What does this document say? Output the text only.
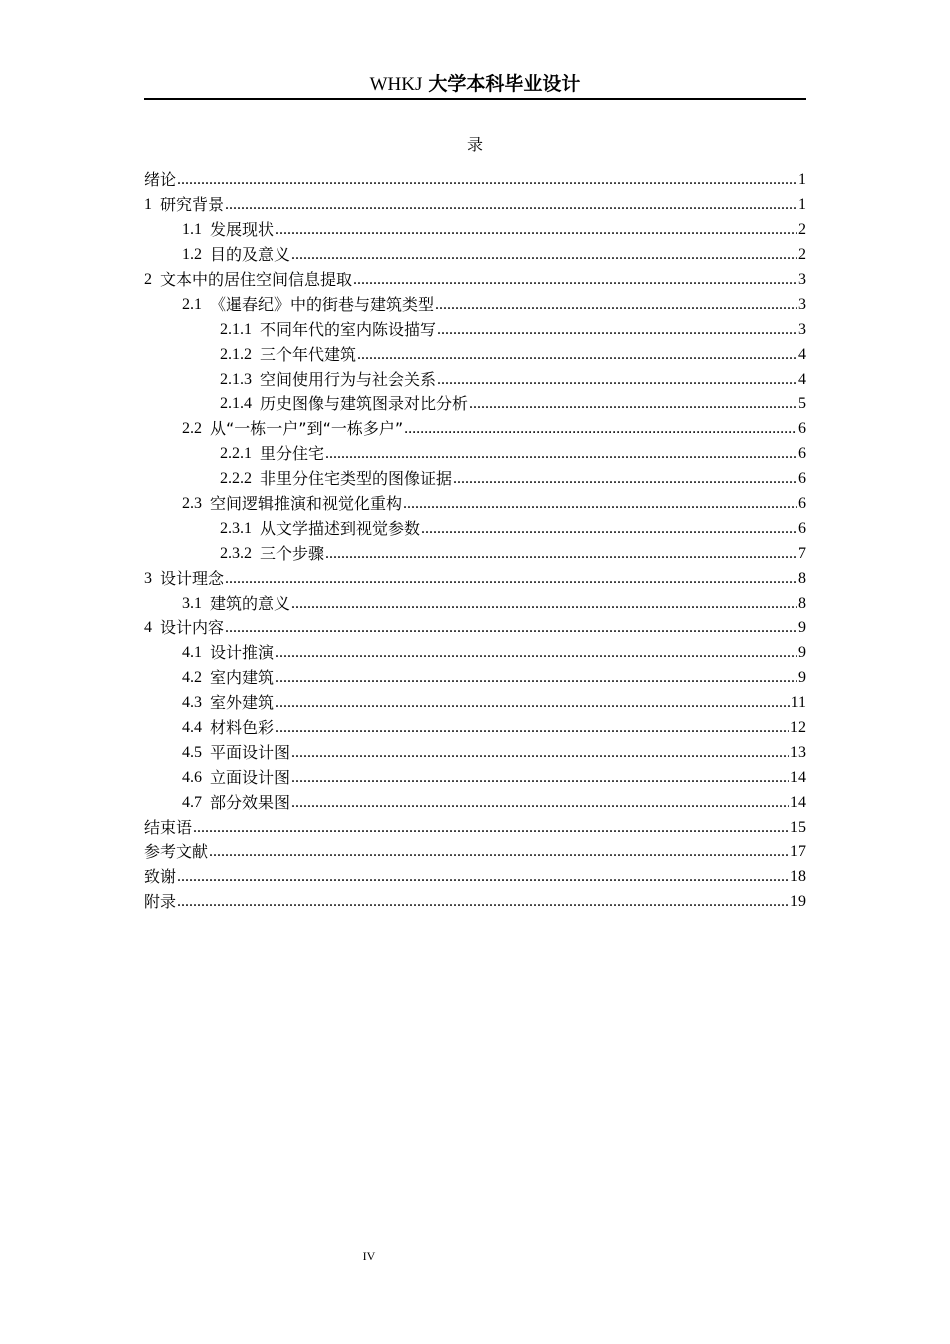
WHKJ 大学本科毕业设计
录
绪论 .....	1
1 研究背景 .....	1
1.1 发展现状 .....	2
1.2 目的及意义 .....	2
2 文本中的居住空间信息提取 .....	3
2.1 《暹春纪》中的街巷与建筑类型 .....	3
2.1.1 不同年代的室内陈设描写 .....	3
2.1.2 三个年代建筑 .....	4
2.1.3 空间使用行为与社会关系 .....	4
2.1.4 历史图像与建筑图录对比分析 .....	5
2.2 从“一栋一户”到“一栋多户” .....	6
2.2.1 里分住宅 .....	6
2.2.2 非里分住宅类型的图像证据 .....	6
2.3 空间逻辑推演和视觉化重构 .....	6
2.3.1 从文学描述到视觉参数 .....	6
2.3.2 三个步骤 .....	7
3 设计理念 .....	8
3.1 建筑的意义 .....	8
4 设计内容 .....	9
4.1 设计推演 .....	9
4.2 室内建筑 .....	9
4.3 室外建筑 .....	11
4.4 材料色彩 .....	12
4.5 平面设计图 .....	13
4.6 立面设计图 .....	14
4.7 部分效果图 .....	14
结束语 .....	15
参考文献 .....	17
致谢 .....	18
附录 .....	19
IV
